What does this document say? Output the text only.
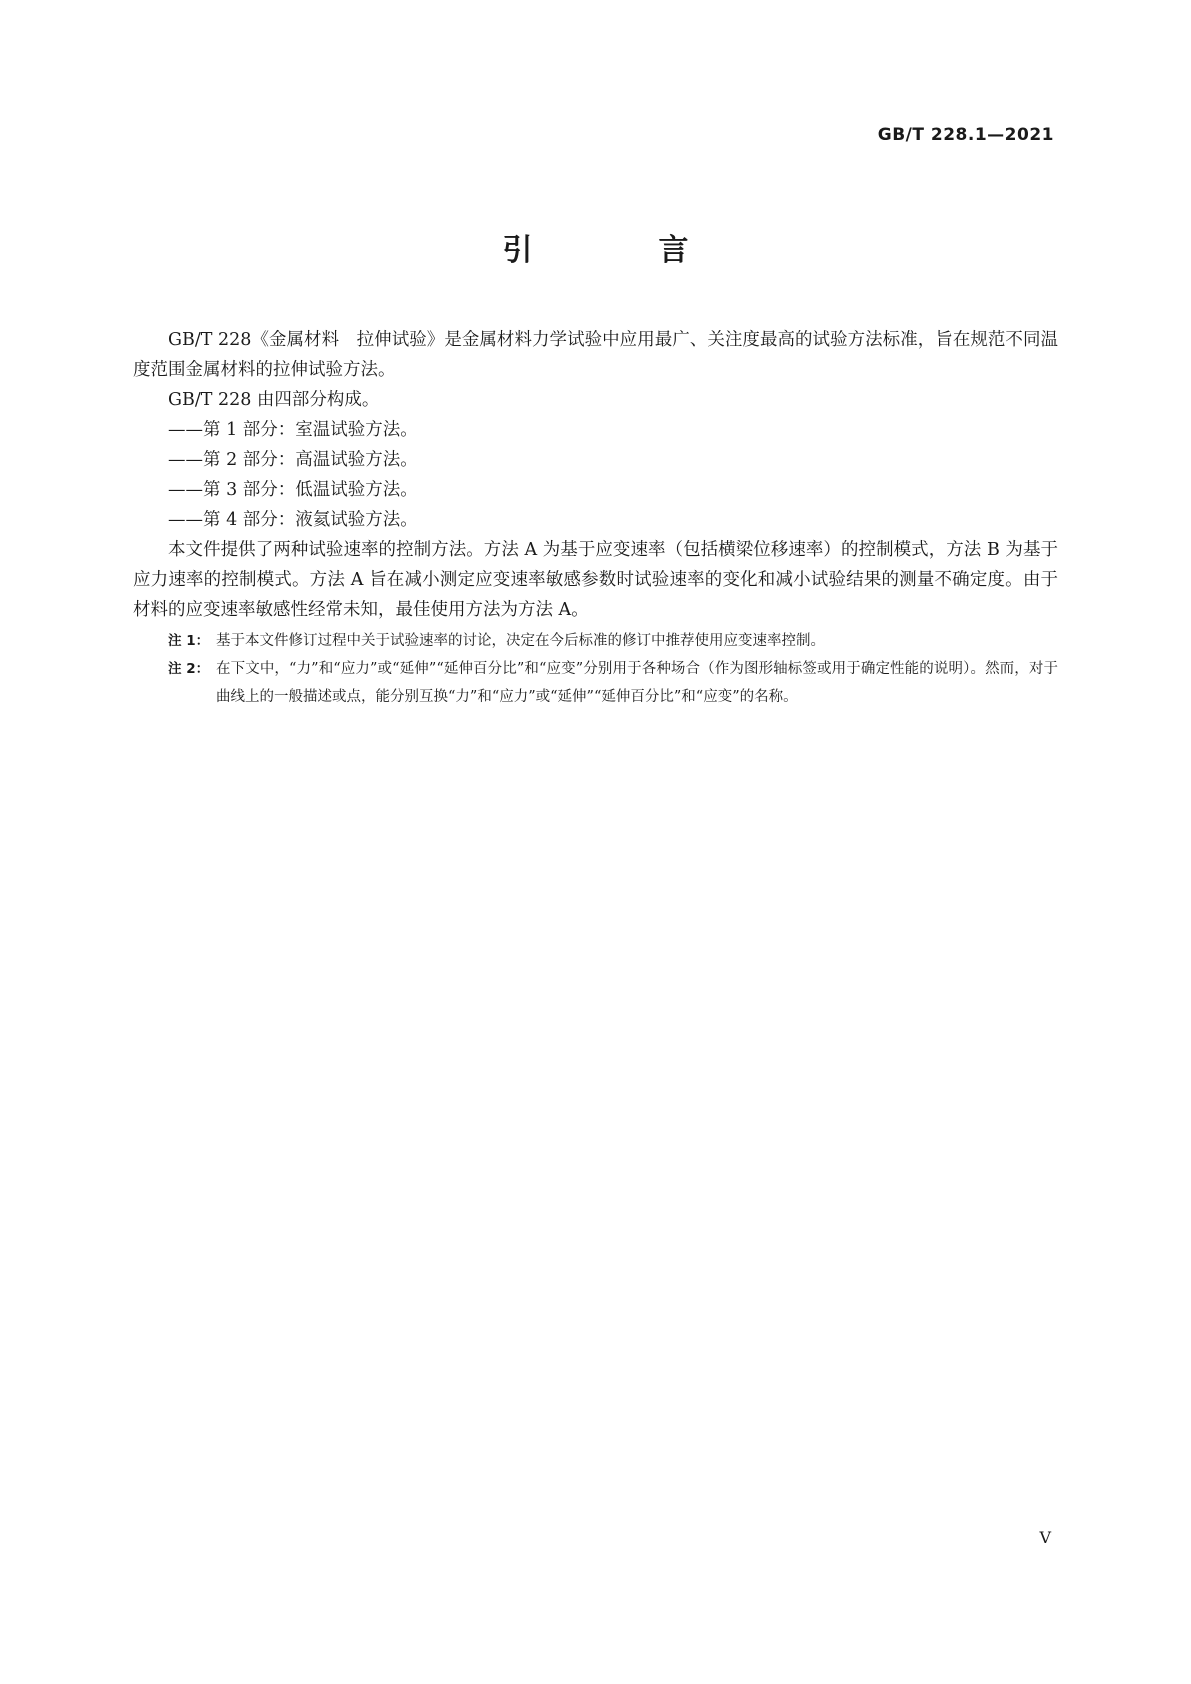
GB/T 228.1—2021
引　言

GB/T 228《金属材料　拉伸试验》是金属材料力学试验中应用最广、关注度最高的试验方法标准，旨在规范不同温度范围金属材料的拉伸试验方法。

GB/T 228 由四部分构成。

——第 1 部分：室温试验方法。

——第 2 部分：高温试验方法。

——第 3 部分：低温试验方法。

——第 4 部分：液氦试验方法。

本文件提供了两种试验速率的控制方法。方法 A 为基于应变速率（包括横梁位移速率）的控制模式，方法 B 为基于应力速率的控制模式。方法 A 旨在减小测定应变速率敏感参数时试验速率的变化和减小试验结果的测量不确定度。由于材料的应变速率敏感性经常未知，最佳使用方法为方法 A。

注 1： 基于本文件修订过程中关于试验速率的讨论，决定在今后标准的修订中推荐使用应变速率控制。
注 2： 在下文中，“力”和“应力”或“延伸”“延伸百分比”和“应变”分别用于各种场合（作为图形轴标签或用于确定性能的说明）。然而，对于曲线上的一般描述或点，能分别互换“力”和“应力”或“延伸”“延伸百分比”和“应变”的名称。
V
